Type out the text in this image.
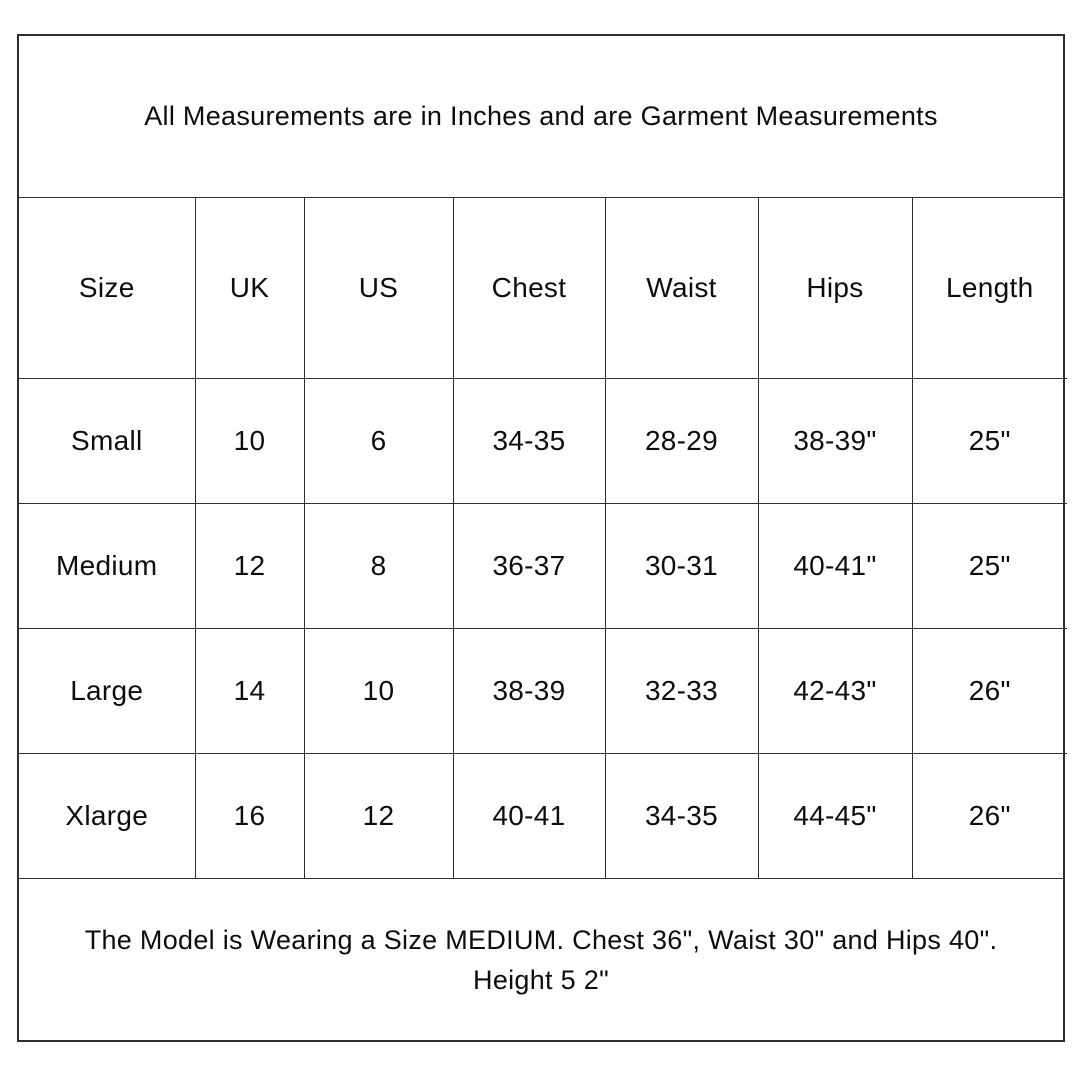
All Measurements are in Inches and are Garment Measurements
Size	UK	US	Chest	Waist	Hips	Length
Small	10	6	34-35	28-29	38-39"	25"
Medium	12	8	36-37	30-31	40-41"	25"
Large	14	10	38-39	32-33	42-43"	26"
Xlarge	16	12	40-41	34-35	44-45"	26"
The Model is Wearing a Size MEDIUM. Chest 36", Waist 30" and Hips 40".
Height 5 2"
